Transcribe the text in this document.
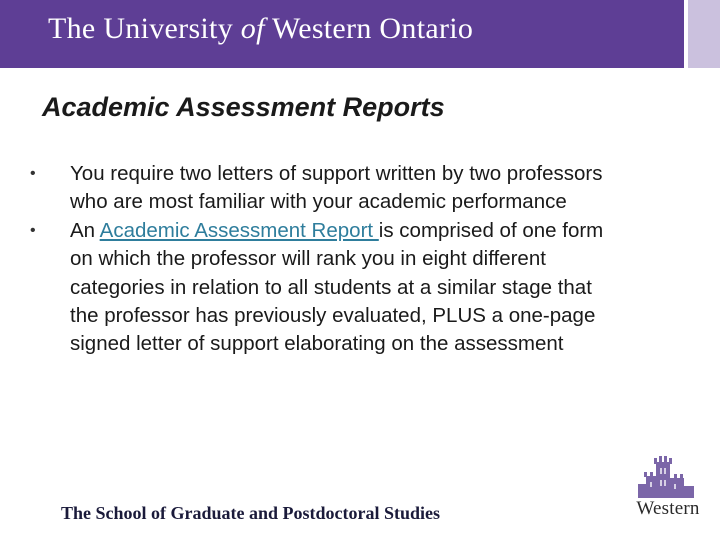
The University of Western Ontario
Academic Assessment Reports
•	You require two letters of support written by two professors who are most familiar with your academic performance
•	An Academic Assessment Report is comprised of one form on which the professor will rank you in eight different categories in relation to all students at a similar stage that the professor has previously evaluated, PLUS a one-page signed letter of support elaborating on the assessment
The School of Graduate and Postdoctoral Studies	Western
